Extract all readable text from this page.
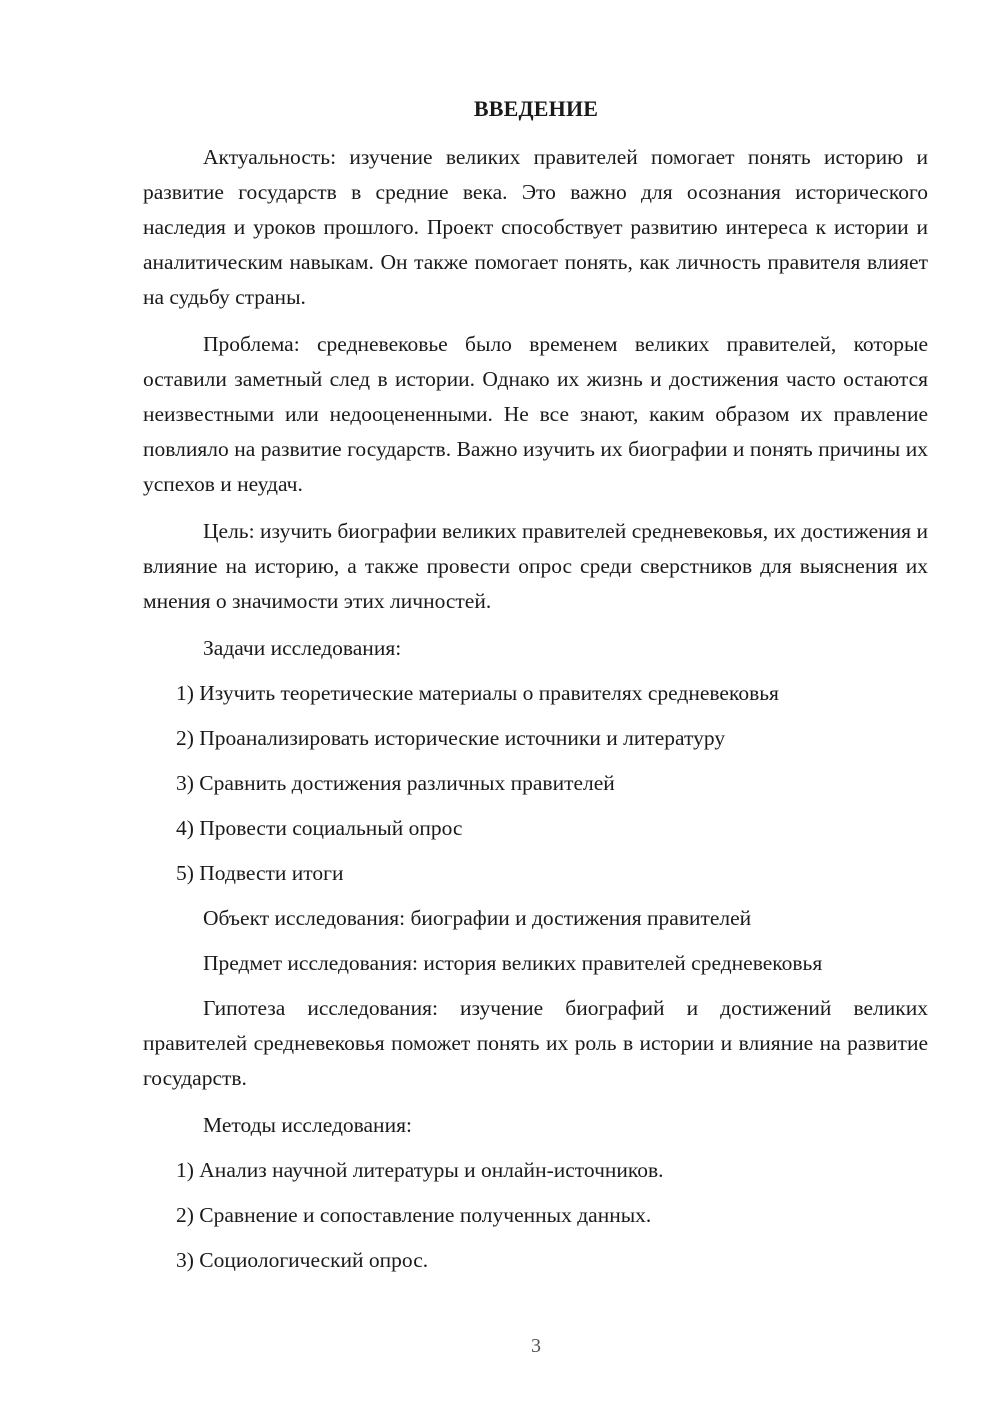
ВВЕДЕНИЕ

Актуальность: изучение великих правителей помогает понять историю и развитие государств в средние века. Это важно для осознания исторического наследия и уроков прошлого. Проект способствует развитию интереса к истории и аналитическим навыкам. Он также помогает понять, как личность правителя влияет на судьбу страны.

Проблема: средневековье было временем великих правителей, которые оставили заметный след в истории. Однако их жизнь и достижения часто остаются неизвестными или недооцененными. Не все знают, каким образом их правление повлияло на развитие государств. Важно изучить их биографии и понять причины их успехов и неудач.

Цель: изучить биографии великих правителей средневековья, их достижения и влияние на историю, а также провести опрос среди сверстников для выяснения их мнения о значимости этих личностей.

Задачи исследования:

1) Изучить теоретические материалы о правителях средневековья

2) Проанализировать исторические источники и литературу

3) Сравнить достижения различных правителей

4) Провести социальный опрос

5) Подвести итоги

Объект исследования: биографии и достижения правителей

Предмет исследования: история великих правителей средневековья

Гипотеза исследования: изучение биографий и достижений великих правителей средневековья поможет понять их роль в истории и влияние на развитие государств.

Методы исследования:

1) Анализ научной литературы и онлайн-источников.

2) Сравнение и сопоставление полученных данных.

3) Социологический опрос.

3
